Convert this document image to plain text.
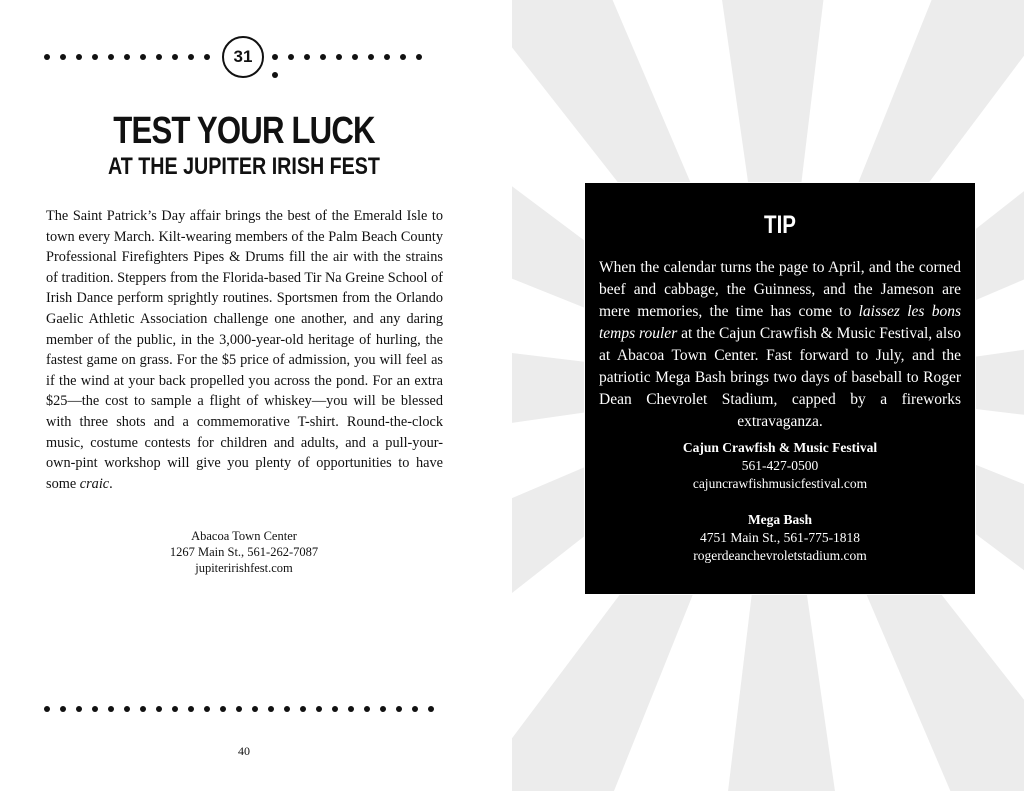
31
TEST YOUR LUCK
AT THE JUPITER IRISH FEST

The Saint Patrick’s Day affair brings the best of the Emerald Isle to town every March. Kilt-wearing members of the Palm Beach County Professional Firefighters Pipes & Drums fill the air with the strains of tradition. Steppers from the Florida-based Tir Na Greine School of Irish Dance perform sprightly routines. Sportsmen from the Orlando Gaelic Athletic Association challenge one another, and any daring member of the public, in the 3,000-year-old heritage of hurling, the fastest game on grass. For the $5 price of admission, you will feel as if the wind at your back propelled you across the pond. For an extra $25—the cost to sample a flight of whiskey—you will be blessed with three shots and a commemorative T-shirt. Round-the-clock music, costume contests for children and adults, and a pull-your-own-pint workshop will give you plenty of opportunities to have some craic.

Abacoa Town Center
1267 Main St., 561-262-7087
jupiteririshfest.com
40
TIP

When the calendar turns the page to April, and the corned beef and cabbage, the Guinness, and the Jameson are mere memories, the time has come to laissez les bons temps rouler at the Cajun Crawfish & Music Festival, also at Abacoa Town Center. Fast forward to July, and the patriotic Mega Bash brings two days of baseball to Roger Dean Chevrolet Stadium, capped by a fireworks extravaganza.

Cajun Crawfish & Music Festival
561-427-0500
cajuncrawfishmusicfestival.com
Mega Bash
4751 Main St., 561-775-1818
rogerdeanchevroletstadium.com
